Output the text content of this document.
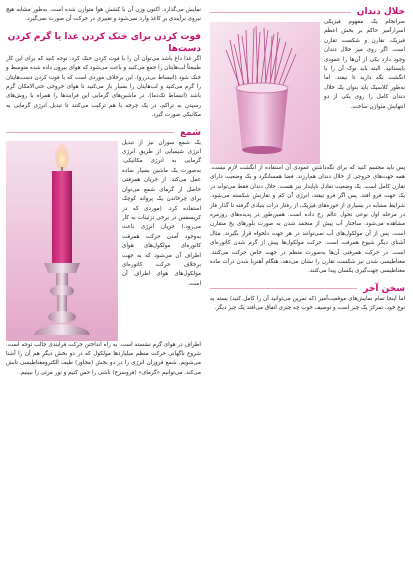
خلال دندان

سرانجام یک مفهوم فیزیکی اسرارآمیز حاکم بر بخش اعظم فیزیک، تقارن و شکست تقارن است. اگر روی میز خلال دندان وجود دارد یکی از آن‌ها را عمودی بایستانید. البته باید نوک آن را با انگشت نگه دارید تا نیفتد. اما به‌طور کلاسیک باید بتوان یک خلال دندان کامل را روی یکی از دو انتهایش متوازن ساخت.

پس باید مجسم کنید که برای نگه‌داشتن عمودی آن استفاده از انگشت لازم نیست. همه جهت‌های خروجی از خلال دندان هم‌ارزند. فضا همسانگرد و یک وضعیت دارای تقارن کامل است. یک وضعیت تعادل ناپایدار نیز هست. خلال دندان فقط می‌تواند در یک جهت فرو افتد. پس اگر فرو نیفتد، انرژی آن کم و تقارنش شکسته می‌شود. شرایط مشابه در بسیاری از حوزه‌های فیزیک، از رفتار ذرات بنیادی گرفته تا گذار فاز در مرحله اول نوعی تحول عالم رخ داده است. همین‌طور در پدیده‌های روزمره مشاهده می‌شود. ساختار آب پیش از منجمد شدن به صورت بلورهای یخ متقارن است. پس از آن مولکول‌های آب نمی‌توانند در هر جهت دلخواه قرار بگیرند. مثال آشنای دیگر شیوع همرفت است. حرکت مولکول‌ها پیش از گرم شدن کاتوره‌ای است. در حرکت همرفتی آن‌ها به‌صورت منظم در جهت خاص حرکت می‌کنند. مغناطیسی شدن نیز شکست تقارن را نشان می‌دهد. هنگام آهنربا شدن ذرات ماده مغناطیسی جهت‌گیری یکسان پیدا می‌کنند.

سخن آخر

اما اینجا تمام نمایش‌های موقعیت‌آمیز (که تمرین می‌توانید آن را کامل کنید) بسته به نوع خود، تمرکز یک چیز است و توصیف خوب چه چیزی اتفاق می‌افتد یک چیز دیگر.

نمایش می‌گذارد. اکنون وزن آن با کشش هوا متوازن شده است. به‌طور مشابه هیچ نیروی برآیندی بر کاغذ وارد نمی‌شود و تغییری در حرکت آن صورت نمی‌گیرد.

فوت کردن برای خنک کردن غذا یا گرم کردن دست‌ها

اگر غذا داغ باشد می‌توان آن را با فوت کردن خنک کرد. توجه کنید که برای این کار طبیعتاً لب‌هایتان را جمع می‌کنید و باعث می‌شود که هوای بیرون داده شده متوسط و خنک شود (انبساط بی‌دررو). این برخلاف موردی است که با فوت کردن دست‌هایتان را گرم می‌کنید و لب‌هایتان را بسیار باز می‌کنید تا هوای خروجی حتی‌الامکان گرم باشد (انبساط تک‌دما). در ماشین‌های گرمایی این فرایندها را همراه با روش‌های رسیدن به تراکم، در یک چرخه با هم ترکیب می‌کنند تا تبدیل انرژی گرمایی به مکانیکی صورت گیرد.

شمع

یک شمع سوزان نیز از تبدیل انرژی شیمیایی از طریق انرژی گرمایی به انرژی مکانیکی، به‌صورت یک ماشین بسیار ساده عمل می‌کند. از جریان همرفتی حاصل از گرمای شمع می‌توان برای چرخاندن یک پروانه کوچک استفاده کرد. (موردی که در کریسمس در برخی تزئینات به کار می‌رود.) جریان انرژی باعث به‌وجود آمدن حرکت همرفت کاتوره‌ای مولکول‌های هوای اطراف آن می‌شود که به جهت برخلاف حرکت کاتوره‌ای مولکول‌های هوای اطراف آن است.

اطراف در هوای گرم نشسته است. به راه انداختن حرکت فرایندی جالب توجه است. شروع ناگهانی حرکت منظم میلیاردها مولکول که در دو بخش دیگر هم آن را آشنا می‌شویم. شمع فروزان انرژی را در دو بخش (مجاور) طیف الکترومغناطیسی تابش می‌کند. می‌توانیم «گرمای» (فروسرخ) ناشی را حس کنیم و نور مرئی را ببینیم.
